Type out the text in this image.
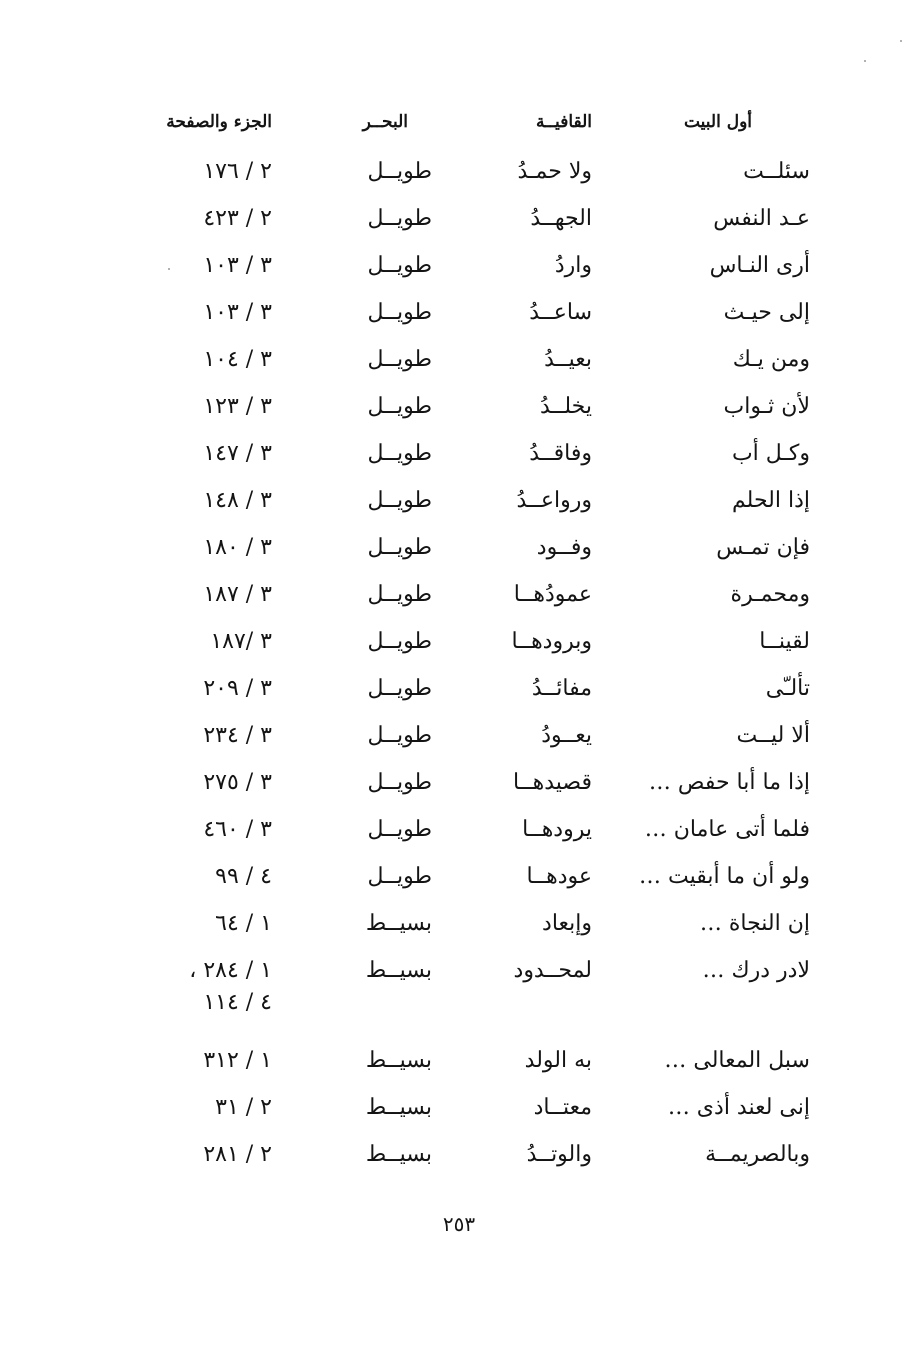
أول البيت
القافيــة
البحــر
الجزء والصفحة
سئلــت
ولا حمـدُ
طويــل
٢ / ١٧٦
عـد النفس
الجهــدُ
طويــل
٢ / ٤٢٣
أرى النـاس
واردُ
طويــل
٣ / ١٠٣
إلى حيـث
ساعــدُ
طويــل
٣ / ١٠٣
ومن يـك
بعيــدُ
طويــل
٣ / ١٠٤
لأن ثـواب
يخلــدُ
طويــل
٣ / ١٢٣
وكـل أب
وفاقــدُ
طويــل
٣ / ١٤٧
إذا الحلم
ورواعــدُ
طويــل
٣ / ١٤٨
فإن تمـس
وفــود
طويــل
٣ / ١٨٠
ومحمـرة
عمودُهــا
طويــل
٣ / ١٨٧
لقينــا
وبرودهــا
طويــل
٣ /١٨٧
تألـّى
مفائــدُ
طويــل
٣ / ٢٠٩
ألا ليــت
يعــودُ
طويــل
٣ / ٢٣٤
إذا ما أبا حفص …
قصيدهــا
طويــل
٣ / ٢٧٥
فلما أتى عامان …
يرودهــا
طويــل
٣ / ٤٦٠
ولو أن ما أبقيت …
عودهــا
طويــل
٤ / ٩٩
إن النجاة …
وإبعاد
بسيــط
١ / ٦٤
لادر درك …
لمحــدود
بسيــط
١ / ٢٨٤ ،
٤ / ١١٤
سبل المعالى …
به الولد
بسيــط
١ / ٣١٢
إنى لعند أذى …
معتــاد
بسيــط
٢ / ٣١
وبالصريمــة
والوتــدُ
بسيــط
٢ / ٢٨١
٢٥٣
